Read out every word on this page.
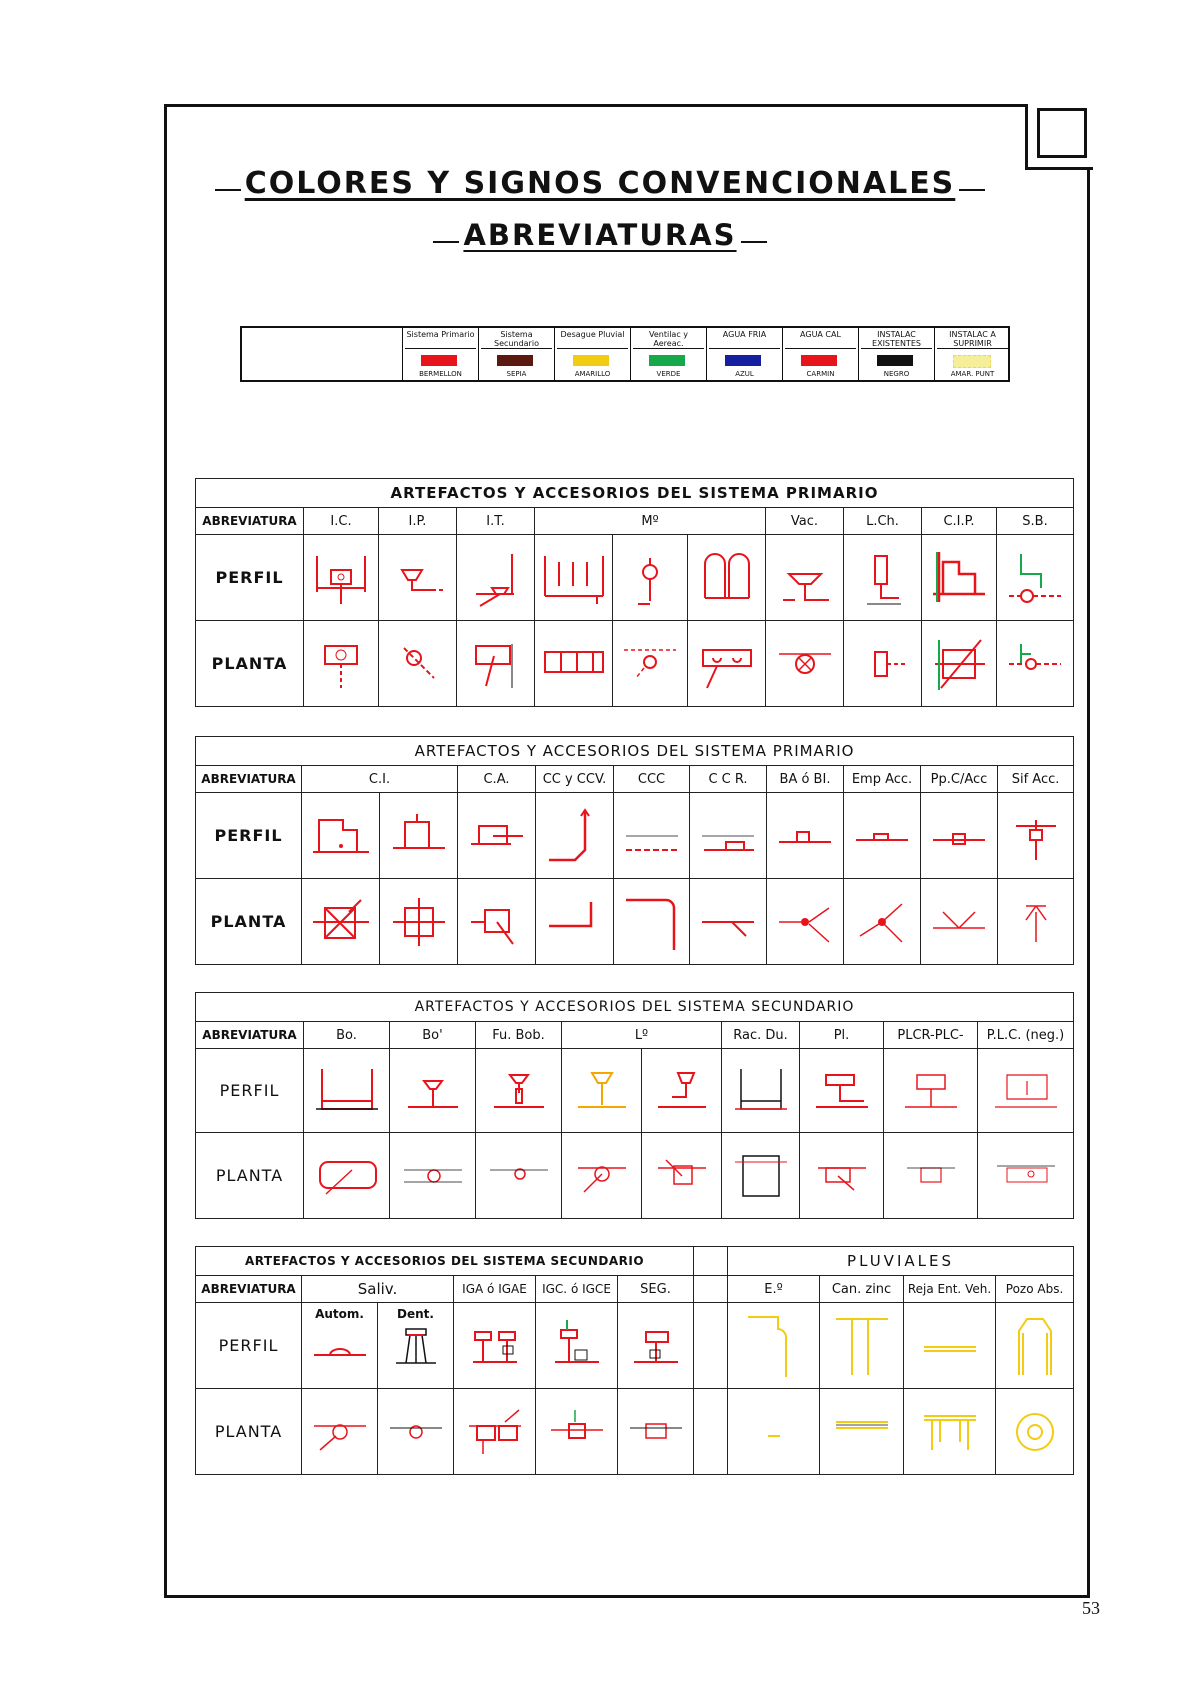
COLORES Y SIGNOS CONVENCIONALES
ABREVIATURAS
Sistema Primario
BERMELLON
Sistema Secundario
SEPIA
Desague Pluvial
AMARILLO
Ventilac y Aereac.
VERDE
AGUA FRIA
AZUL
AGUA CAL
CARMIN
INSTALAC EXISTENTES
NEGRO
INSTALAC A SUPRIMIR
AMAR. PUNT
ARTEFACTOS Y ACCESORIOS DEL SISTEMA PRIMARIO										
ABREVIATURA	I.C.	I.P.	I.T.	Mº			Vac.	L.Ch.	C.I.P.	S.B.
PERFIL	

PLANTA	

ARTEFACTOS Y ACCESORIOS DEL SISTEMA PRIMARIO										
ABREVIATURA	C.I.		C.A.	CC y CCV.	CCC	C C R.	BA ó BI.	Emp Acc.	Pp.C/Acc	Sif Acc.
PERFIL	

PLANTA	

ARTEFACTOS Y ACCESORIOS DEL SISTEMA SECUNDARIO									
ABREVIATURA	Bo.	Bo'	Fu. Bob.	Lº		Rac. Du.	Pl.	PLCR-PLC-	P.L.C. (neg.)
PERFIL	

PLANTA	

ARTEFACTOS Y ACCESORIOS DEL SISTEMA SECUNDARIO							PLUVIALES			
ABREVIATURA	Saliv.		IGA ó IGAE	IGC. ó IGCE	SEG.		E.º	Can. zinc	Reja Ent. Veh.	Pozo Abs.
PERFIL	Autom.	Dent.

PLANTA	

53
